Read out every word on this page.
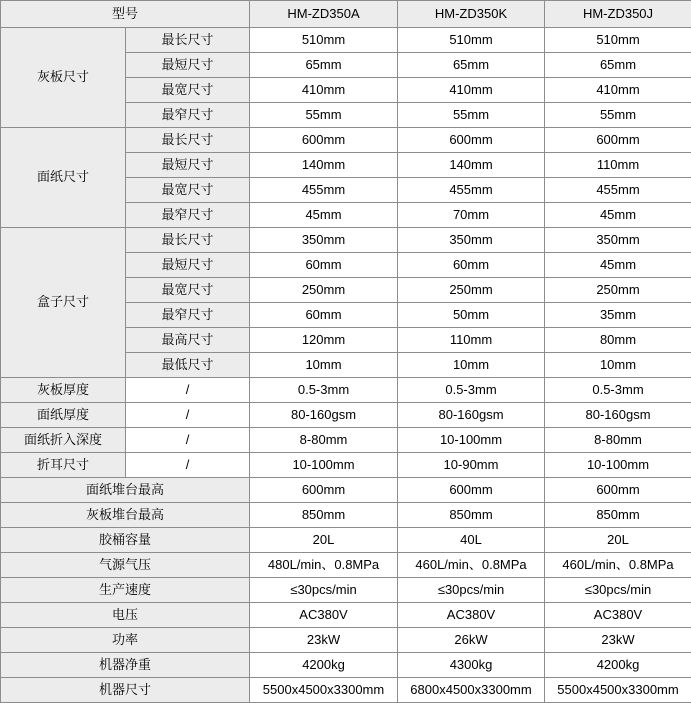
型号		HM-ZD350A	HM-ZD350K	HM-ZD350J
灰板尺寸	最长尺寸	510mm	510mm	510mm
	最短尺寸	65mm	65mm	65mm
	最宽尺寸	410mm	410mm	410mm
	最窄尺寸	55mm	55mm	55mm
面纸尺寸	最长尺寸	600mm	600mm	600mm
	最短尺寸	140mm	140mm	110mm
	最宽尺寸	455mm	455mm	455mm
	最窄尺寸	45mm	70mm	45mm
盒子尺寸	最长尺寸	350mm	350mm	350mm
	最短尺寸	60mm	60mm	45mm
	最宽尺寸	250mm	250mm	250mm
	最窄尺寸	60mm	50mm	35mm
	最高尺寸	120mm	110mm	80mm
	最低尺寸	10mm	10mm	10mm
灰板厚度	/	0.5-3mm	0.5-3mm	0.5-3mm
面纸厚度	/	80-160gsm	80-160gsm	80-160gsm
面纸折入深度	/	8-80mm	10-100mm	8-80mm
折耳尺寸	/	10-100mm	10-90mm	10-100mm
面纸堆台最高		600mm	600mm	600mm
灰板堆台最高		850mm	850mm	850mm
胶桶容量		20L	40L	20L
气源气压		480L/min、0.8MPa	460L/min、0.8MPa	460L/min、0.8MPa
生产速度		≤30pcs/min	≤30pcs/min	≤30pcs/min
电压		AC380V	AC380V	AC380V
功率		23kW	26kW	23kW
机器净重		4200kg	4300kg	4200kg
机器尺寸		5500x4500x3300mm	6800x4500x3300mm	5500x4500x3300mm
